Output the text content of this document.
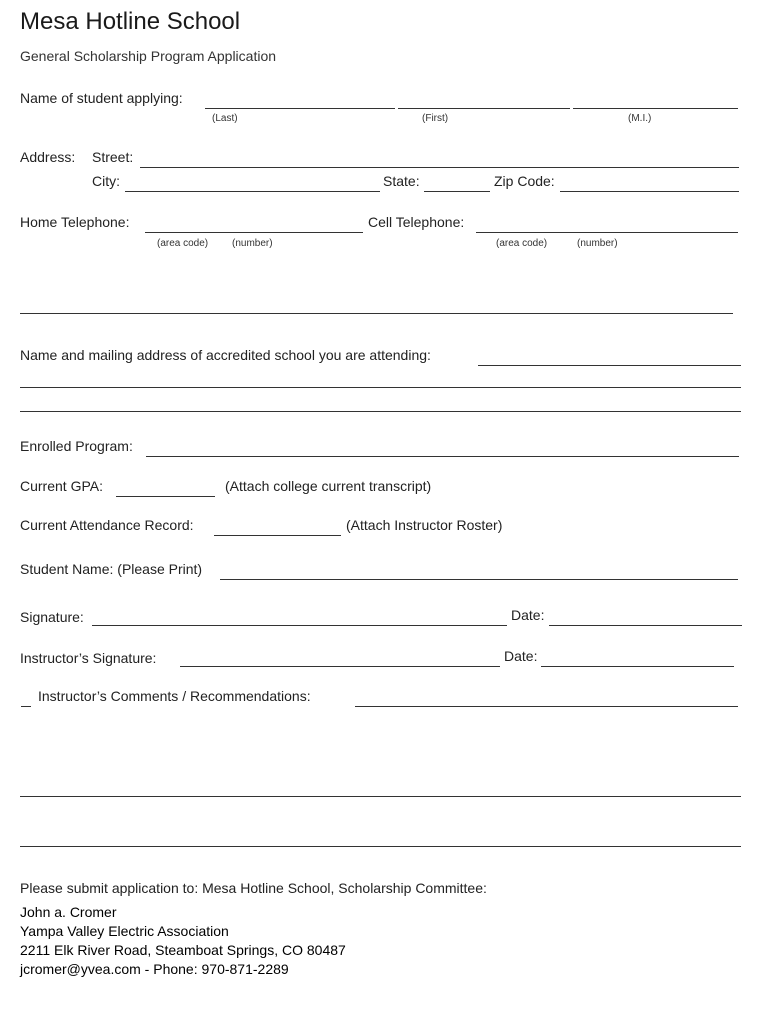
Mesa Hotline School
General Scholarship Program Application
Name of student applying:
(Last)	(First)	(M.I.)
Address: Street:
City:	State:	Zip Code:
Home Telephone:	Cell Telephone:
(area code) (number)	(area code)	(number)
Name and mailing address of accredited school you are attending:
Enrolled Program:
Current GPA:	(Attach college current transcript)
Current Attendance Record:	(Attach Instructor Roster)
Student Name: (Please Print)
Signature:	Date:
Instructor’s Signature:	Date:
Instructor’s Comments / Recommendations:
Please submit application to: Mesa Hotline School, Scholarship Committee:
John a. Cromer
Yampa Valley Electric Association
2211 Elk River Road, Steamboat Springs, CO 80487
jcromer@yvea.com - Phone: 970-871-2289
